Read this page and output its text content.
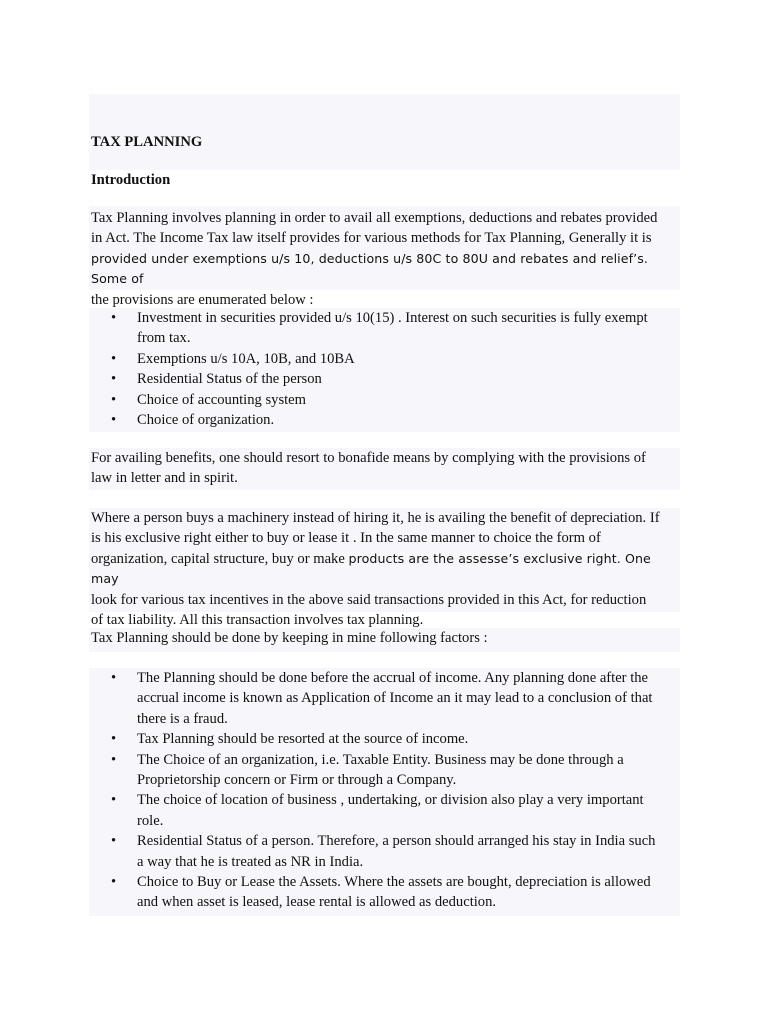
TAX PLANNING
Introduction

Tax Planning involves planning in order to avail all exemptions, deductions and rebates provided

in Act. The Income Tax law itself provides for various methods for Tax Planning, Generally it is

provided under exemptions u/s 10, deductions u/s 80C to 80U and rebates and relief’s. Some of

the provisions are enumerated below :

• Investment in securities provided u/s 10(15) . Interest on such securities is fully exempt
from tax.
• Exemptions u/s 10A, 10B, and 10BA
• Residential Status of the person
• Choice of accounting system
• Choice of organization.

For availing benefits, one should resort to bonafide means by complying with the provisions of

law in letter and in spirit.

Where a person buys a machinery instead of hiring it, he is availing the benefit of depreciation. If

is his exclusive right either to buy or lease it . In the same manner to choice the form of

organization, capital structure, buy or make products are the assesse’s exclusive right. One may

look for various tax incentives in the above said transactions provided in this Act, for reduction

of tax liability. All this transaction involves tax planning.

Tax Planning should be done by keeping in mine following factors :

• The Planning should be done before the accrual of income. Any planning done after the
accrual income is known as Application of Income an it may lead to a conclusion of that
there is a fraud.
• Tax Planning should be resorted at the source of income.
• The Choice of an organization, i.e. Taxable Entity. Business may be done through a
Proprietorship concern or Firm or through a Company.
• The choice of location of business , undertaking, or division also play a very important
role.
• Residential Status of a person. Therefore, a person should arranged his stay in India such
a way that he is treated as NR in India.
• Choice to Buy or Lease the Assets. Where the assets are bought, depreciation is allowed
and when asset is leased, lease rental is allowed as deduction.
